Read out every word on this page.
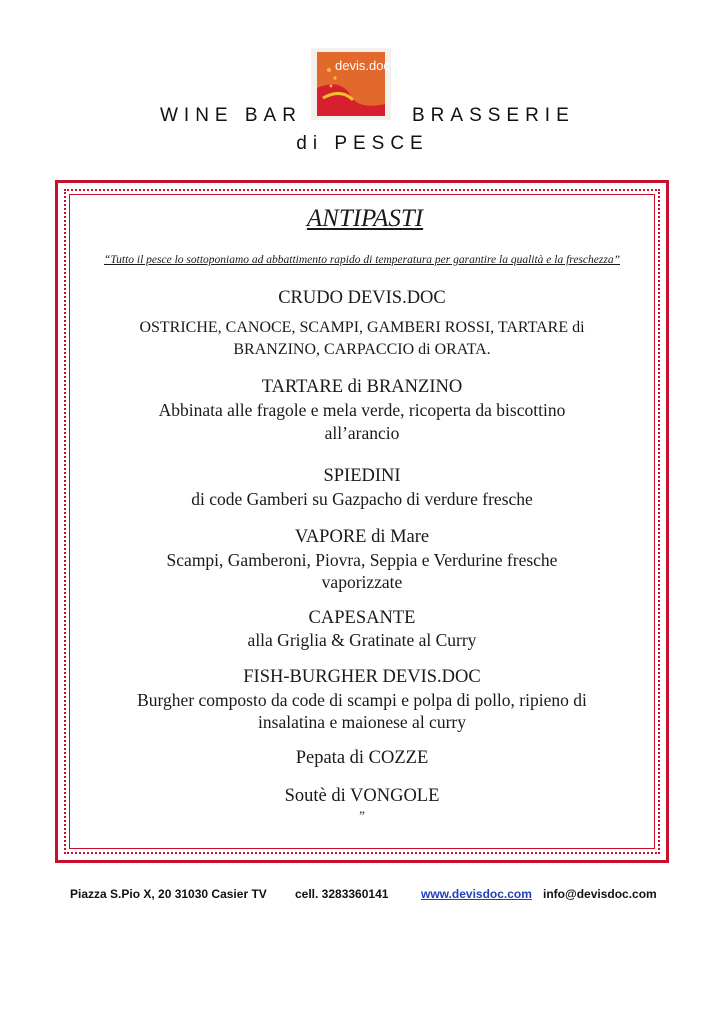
devis.doc
WINE BAR	BRASSERIE
di PESCE
ANTIPASTI
“Tutto il pesce lo sottoponiamo ad abbattimento rapido di temperatura per garantire la qualità e la freschezza”
CRUDO DEVIS.DOC
OSTRICHE, CANOCE, SCAMPI, GAMBERI ROSSI, TARTARE di
BRANZINO, CARPACCIO di ORATA.
TARTARE di BRANZINO
Abbinata alle fragole e mela verde, ricoperta da biscottino
all’arancio
SPIEDINI
di code Gamberi su Gazpacho di verdure fresche
VAPORE di Mare
Scampi, Gamberoni, Piovra, Seppia e Verdurine fresche
vaporizzate
CAPESANTE
alla Griglia & Gratinate al Curry
FISH-BURGHER DEVIS.DOC
Burgher composto da code di scampi e polpa di pollo, ripieno di
insalatina e maionese al curry
Pepata di COZZE
Soutè di VONGOLE
”
Piazza S.Pio X, 20 31030 Casier TV cell. 3283360141	www.devisdoc.com info@devisdoc.com
